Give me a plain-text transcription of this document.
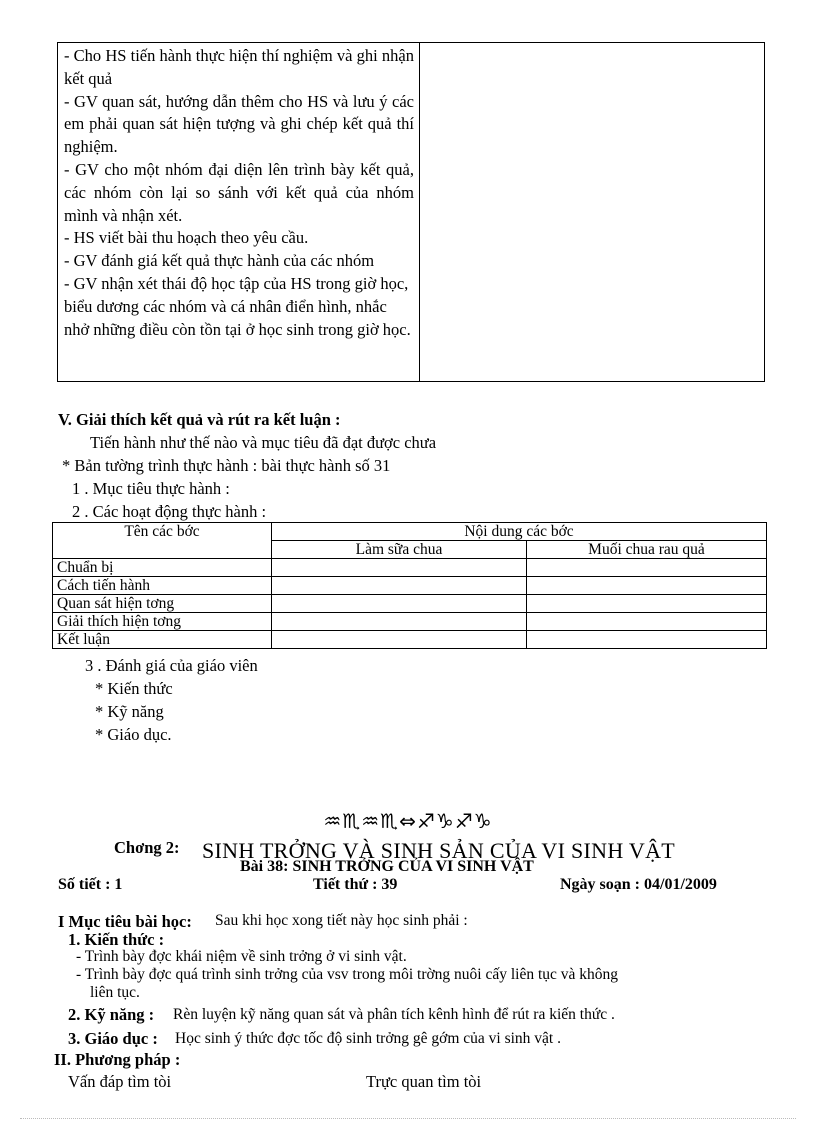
- Cho HS tiến hành thực hiện thí nghiệm và ghi nhận kết quả

- GV quan sát, hướng dẫn thêm cho HS và lưu ý các em phải quan sát hiện tượng và ghi chép kết quả thí nghiệm.

- GV cho một nhóm đại diện lên trình bày kết quả, các nhóm còn lại so sánh với kết quả của nhóm mình và nhận xét.

- HS viết bài thu hoạch theo yêu cầu.

- GV đánh giá kết quả thực hành của các nhóm

- GV nhận xét thái độ học tập của HS trong giờ học, biểu dương các nhóm và cá nhân điển hình, nhắc nhở những điều còn tồn tại ở học sinh trong giờ học.

V. Giải thích kết quả và rút ra kết luận :
Tiến hành như thế nào và mục tiêu đã đạt được chưa
* Bản tường trình thực hành : bài thực hành số 31
1 . Mục tiêu thực hành :
2 . Các hoạt động thực hành :
Tên các bớc	Nội dung các bớc	
	Làm sữa chua	Muối chua rau quả
Chuẩn bị		
Cách tiến hành		
Quan sát hiện tơng		
Giải thích hiện tơng		
Kết luận		
3 . Đánh giá của giáo viên
* Kiến thức
* Kỹ năng
* Giáo dục.
♒♏♒♏⇔♐♑♐♑
Chơng 2: SINH TRỞNG VÀ SINH SẢN CỦA VI SINH VẬT
Bài 38: SINH TRỞNG CỦA VI SINH VẬT
Số tiết : 1	Tiết thứ : 39	Ngày soạn : 04/01/2009
I Mục tiêu bài học: Sau khi học xong tiết này học sinh phải :
1. Kiến thức :
- Trình bày đợc khái niệm về sinh trởng ở vi sinh vật.
- Trình bày đợc quá trình sinh trởng của vsv trong môi trờng nuôi cấy liên tục và không
liên tục.
2. Kỹ năng : Rèn luyện kỹ năng quan sát và phân tích kênh hình để rút ra kiến thức .
3. Giáo dục : Học sinh ý thức đợc tốc độ sinh trởng gê gớm của vi sinh vật .
II. Phương pháp :
Vấn đáp tìm tòi	Trực quan tìm tòi
